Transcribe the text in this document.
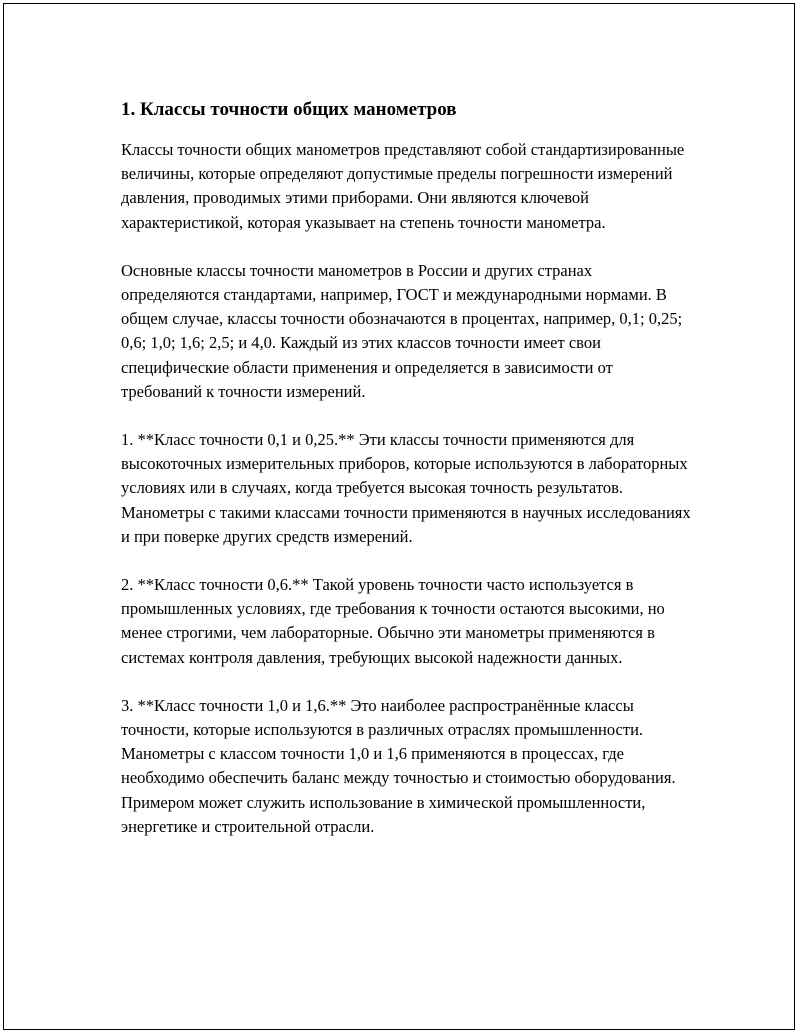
1. Классы точности общих манометров

Классы точности общих манометров представляют собой стандартизированные величины, которые определяют допустимые пределы погрешности измерений давления, проводимых этими приборами. Они являются ключевой характеристикой, которая указывает на степень точности манометра.

Основные классы точности манометров в России и других странах определяются стандартами, например, ГОСТ и международными нормами. В общем случае, классы точности обозначаются в процентах, например, 0,1; 0,25; 0,6; 1,0; 1,6; 2,5; и 4,0. Каждый из этих классов точности имеет свои специфические области применения и определяется в зависимости от требований к точности измерений.

1. **Класс точности 0,1 и 0,25.** Эти классы точности применяются для высокоточных измерительных приборов, которые используются в лабораторных условиях или в случаях, когда требуется высокая точность результатов. Манометры с такими классами точности применяются в научных исследованиях и при поверке других средств измерений.

2. **Класс точности 0,6.** Такой уровень точности часто используется в промышленных условиях, где требования к точности остаются высокими, но менее строгими, чем лабораторные. Обычно эти манометры применяются в системах контроля давления, требующих высокой надежности данных.

3. **Класс точности 1,0 и 1,6.** Это наиболее распространённые классы точности, которые используются в различных отраслях промышленности. Манометры с классом точности 1,0 и 1,6 применяются в процессах, где необходимо обеспечить баланс между точностью и стоимостью оборудования. Примером может служить использование в химической промышленности, энергетике и строительной отрасли.
